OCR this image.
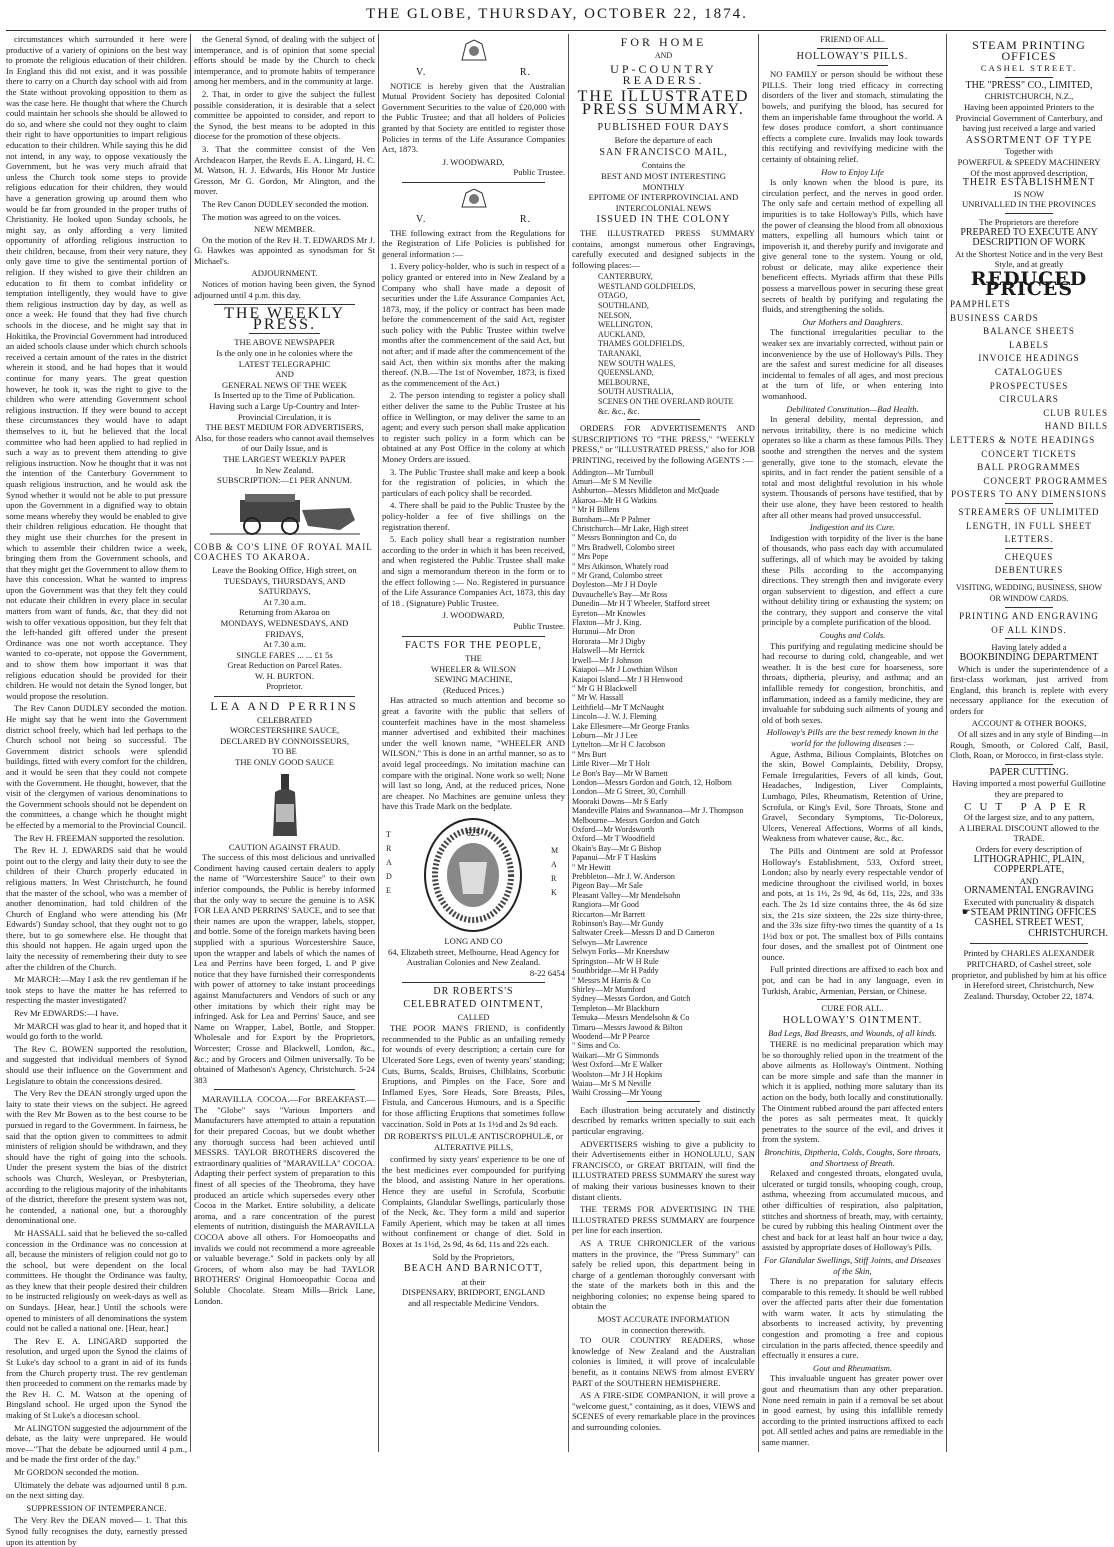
THE GLOBE, THURSDAY, OCTOBER 22, 1874.

circumstances which surrounded it here were productive of a variety of opinions on the best way to promote the religious education of their children. In England this did not exist, and it was possible there to carry on a Church day school with aid from the State without provoking opposition to them as was the case here. He thought that where the Church could maintain her schools she should be allowed to do so, and where she could not they ought to claim their right to have opportunities to impart religious education to their children. While saying this he did not intend, in any way, to oppose vexatiously the Government, but he was very much afraid that unless the Church took some steps to provide religious education for their children, they would have a generation growing up around them who would be far from grounded in the proper truths of Christianity. He looked upon Sunday schools, he might say, as only affording a very limited opportunity of affording religious instruction to their children, because, from their very nature, they only gave time to give the sentimental portion of religion. If they wished to give their children an education to fit them to combat infidelity or temptation intelligently, they would have to give them religious instruction day by day, as well as once a week. He found that they had five church schools in the diocese, and he might say that in Hokitika, the Provincial Government had introduced an aided schools clause under which church schools received a certain amount of the rates in the district wherein it stood, and he had hopes that it would continue for many years. The great question however, he took it, was the right to give to the children who were attending Government school religious instruction. If they were bound to accept these circumstances they would have to adapt themselves to it, but he believed that the local committee who had been applied to had replied in such a way as to prevent them attending to give religious instruction. Now he thought that it was not the intention of the Canterbury Government to quash religious instruction, and he would ask the Synod whether it would not be able to put pressure upon the Government in a dignified way to obtain some means whereby they would be enabled to give their children religious education. He thought that they might use their churches for the present in which to assemble their children twice a week, bringing them from the Government schools, and that they might get the Government to allow them to have this concession. What he wanted to impress upon the Government was that they felt they could not educate their children in every place in secular matters from want of funds, &c, that they did not wish to offer vexatious opposition, but they felt that the left-handed gift offered under the present Ordinance was one not worth acceptance. They wanted to co-operate, not oppose the Government, and to show them how important it was that religious education should be provided for their children. He would not detain the Synod longer, but would propose the resolution.

The Rev Canon DUDLEY seconded the motion. He might say that he went into the Government district school freely, which had led perhaps to the Church school not being so successful. The Government district schools were splendid buildings, fitted with every comfort for the children, and it would be seen that they could not compete with the Government. He thought, however, that the visit of the clergymen of various denominations to the Government schools should not be dependent on the committees, a change which he thought might be effected by a memorial to the Provincial Council.

The Rev H. FREEMAN supported the resolution.

The Rev H. J. EDWARDS said that he would point out to the clergy and laity their duty to see the children of their Church properly educated in religious matters. In West Christchurch, he found that the master of the school, who was a member of another denomination, had told children of the Church of England who were attending his (Mr Edwards') Sunday school, that they ought not to go there, but to go somewhere else. He thought that this should not happen. He again urged upon the laity the necessity of remembering their duty to see after the children of the Church.

Mr MARCH:—May I ask the rev gentleman if he took steps to have the matter he has referred to respecting the master investigated?

Rev Mr EDWARDS:—I have.

Mr MARCH was glad to hear it, and hoped that it would go forth to the world.

The Rev C. BOWEN supported the resolution, and suggested that individual members of Synod should use their influence on the Government and Legislature to obtain the concessions desired.

The Very Rev the DEAN strongly urged upon the laity to state their views on the subject. He agreed with the Rev Mr Bowen as to the best course to be pursued in regard to the Government. In fairness, he said that the option given to committees to admit ministers of religion should be withdrawn, and they should have the right of going into the schools. Under the present system the bias of the district schools was Church, Wesleyan, or Presbyterian, according to the religious majority of the inhabitants of the district, therefore the present system was not, he contended, a national one, but a thoroughly denominational one.

Mr HASSALL said that he believed the so-called concession in the Ordinance was no concession at all, because the ministers of religion could not go to the school, but were dependent on the local committees. He thought the Ordinance was faulty, as they knew that their people desired their children to be instructed religiously on week-days as well as on Sundays. [Hear, hear.] Until the schools were opened to ministers of all denominations the system could not be called a national one. [Hear, hear.]

The Rev E. A. LINGARD supported the resolution, and urged upon the Synod the claims of St Luke's day school to a grant in aid of its funds from the Church property trust. The rev gentleman then proceeded to comment on the remarks made by the Rev H. C. M. Watson at the opening of Bingsland school. He urged upon the Synod the making of St Luke's a diocesan school.

Mr ALINGTON suggested the adjournment of the debate, as the laity were unprepared. He would move—"That the debate be adjourned until 4 p.m., and be made the first order of the day."

Mr GORDON seconded the motion.

Ultimately the debate was adjourned until 8 p.m. on the next sitting day.

SUPPRESSION OF INTEMPERANCE.

The Very Rev the DEAN moved— 1. That this Synod fully recognises the duty, earnestly pressed upon its attention by

the General Synod, of dealing with the subject of intemperance, and is of opinion that some special efforts should be made by the Church to check intemperance, and to promote habits of temperance among her members, and in the community at large.

2. That, in order to give the subject the fullest possible consideration, it is desirable that a select committee be appointed to consider, and report to the Synod, the best means to be adopted in this diocese for the promotion of these objects.

3. That the committee consist of the Ven Archdeacon Harper, the Revds E. A. Lingard, H. C. M. Watson, H. J. Edwards, His Honor Mr Justice Gresson, Mr G. Gordon, Mr Alington, and the mover.

The Rev Canon DUDLEY seconded the motion.

The motion was agreed to on the voices.

NEW MEMBER.

On the motion of the Rev H. T. EDWARDS Mr J. G. Hawkes was appointed as synodsman for St Michael's.

ADJOURNMENT.

Notices of motion having been given, the Synod adjourned until 4 p.m. this day.

THE WEEKLY PRESS.
THE ABOVE NEWSPAPER
Is the only one in he colonies where the
LATEST TELEGRAPHIC
AND
GENERAL NEWS OF THE WEEK
Is Inserted up to the Time of Publication.
Having such a Large Up-Country and Inter-Provincial Circulation, it is
THE BEST MEDIUM FOR ADVERTISERS,
Also, for those readers who cannot avail themselves of our Daily Issue, and is
THE LARGEST WEEKLY PAPER
In New Zealand.
SUBSCRIPTION:—£1 PER ANNUM.
COBB & CO'S LINE OF ROYAL MAIL COACHES TO AKAROA.
Leave the Booking Office, High street, on
TUESDAYS, THURSDAYS, AND
SATURDAYS,
At 7.30 a.m.
Returning from Akaroa on
MONDAYS, WEDNESDAYS, AND
FRIDAYS,
At 7.30 a.m.
SINGLE FARES ... ... £1 5s
Great Reduction on Parcel Rates.
W. H. BURTON.
Proprietor.
LEA AND PERRINS
CELEBRATED
WORCESTERSHIRE SAUCE,
DECLARED BY CONNOISSEURS,
TO BE
THE ONLY GOOD SAUCE
CAUTION AGAINST FRAUD.

The success of this most delicious and unrivalled Condiment having caused certain dealers to apply the name of "Worcestershire Sauce" to their own inferior compounds, the Public is hereby informed that the only way to secure the genuine is to ASK FOR LEA AND PERRINS' SAUCE, and to see that their names are upon the wrapper, labels, stopper, and bottle. Some of the foreign markets having been supplied with a spurious Worcestershire Sauce, upon the wrapper and labels of which the names of Lea and Perrins have been forged, L and P give notice that they have furnished their correspondents with power of attorney to take instant proceedings against Manufacturers and Vendors of such or any other imitations by which their right may be infringed. Ask for Lea and Perrins' Sauce, and see Name on Wrapper, Label, Bottle, and Stopper. Wholesale and for Export by the Proprietors, Worcester; Crosse and Blackwell, London, &c., &c.; and by Grocers and Oilmen universally. To be obtained of Matheson's Agency, Christchurch. 5-24 383

MARAVILLA COCOA.—For BREAKFAST.—The "Globe" says "Various Importers and Manufacturers have attempted to attain a reputation for their prepared Cocoas, but we doubt whether any thorough success had been achieved until MESSRS. TAYLOR BROTHERS discovered the extraordinary qualities of "MARAVILLA" COCOA. Adapting their perfect system of preparation to this finest of all species of the Theobroma, they have produced an article which supersedes every other Cocoa in the Market. Entire solubility, a delicate aroma, and a rare concentration of the purest elements of nutrition, distinguish the MARAVILLA COCOA above all others. For Homoeopaths and invalids we could not recommend a more agreeable or valuable beverage." Sold in packets only by all Grocers, of whom also may be had TAYLOR BROTHERS' Original Homoeopathic Cocoa and Soluble Chocolate. Steam Mills—Brick Lane, London.

V. R.

NOTICE is hereby given that the Australian Mutual Provident Society has deposited Colonial Government Securities to the value of £20,000 with the Public Trustee; and that all holders of Policies granted by that Society are entitled to register those Policies in terms of the Life Assurance Companies Act, 1873.

J. WOODWARD,
Public Trustee.
V. R.

THE following extract from the Regulations for the Registration of Life Policies is published for general information :—

1. Every policy-holder, who is such in respect of a policy granted or entered into in New Zealand by a Company who shall have made a deposit of securities under the Life Assurance Companies Act, 1873, may, if the policy or contract has been made before the commencement of the said Act, register such policy with the Public Trustee within twelve months after the commencement of the said Act, but not after; and if made after the commencement of the said Act, then within six months after the making thereof. (N.B.—The 1st of November, 1873, is fixed as the commencement of the Act.)

2. The person intending to register a policy shall either deliver the same to the Public Trustee at his office in Wellington, or may deliver the same to an agent; and every such person shall make application to register such policy in a form which can be obtained at any Post Office in the colony at which Money Orders are issued.

3. The Public Trustee shall make and keep a book for the registration of policies, in which the particulars of each policy shall be recorded.

4. There shall be paid to the Public Trustee by the policy-holder a fee of five shillings on the registration thereof.

5. Each policy shall bear a registration number according to the order in which it has been received, and when registered the Public Trustee shall make and sign a memorandum thereon in the form or to the effect following :— No. Registered in pursuance of the Life Assurance Companies Act, 1873, this day of 18 . (Signature) Public Trustee.

J. WOODWARD,
Public Trustee.
FACTS FOR THE PEOPLE,
THE
WHEELER & WILSON
SEWING MACHINE,
(Reduced Prices.)

Has attracted so much attention and become so great a favorite with the public that sellers of counterfeit machines have in the most shameless manner advertised and exhibited their machines under the well known name, "WHEELER AND WILSON." This is done in an artful manner, so as to avoid legal proceedings. No imitation machine can compare with the original. None work so well; None will last so long, And, at the reduced prices, None are cheaper. No Machines are genuine unless they have this Trade Mark on the bedplate.

TRADE
625
MARK
LONG AND CO
64, Elizabeth street, Melbourne, Head Agency for Australian Colonies and New Zealand.
8-22 6454
DR ROBERTS'S
CELEBRATED OINTMENT,
CALLED

THE POOR MAN'S FRIEND, is confidently recommended to the Public as an unfailing remedy for wounds of every description; a certain cure for Ulcerated Sore Legs, even of twenty years' standing; Cuts, Burns, Scalds, Bruises, Chilblains, Scorbutic Eruptions, and Pimples on the Face, Sore and Inflamed Eyes, Sore Heads, Sore Breasts, Piles, Fistula, and Cancerous Humours, and is a Specific for those afflicting Eruptions that sometimes follow vaccination. Sold in Pots at 1s 1½d and 2s 9d each.

DR ROBERTS'S PILULÆ ANTISCROPHULÆ, or ALTERATIVE PILLS,

confirmed by sixty years' experience to be one of the best medicines ever compounded for purifying the blood, and assisting Nature in her operations. Hence they are useful in Scrofula, Scorbutic Complaints, Glandular Swellings, particularly those of the Neck, &c. They form a mild and superior Family Aperient, which may be taken at all times without confinement or change of diet. Sold in Boxes at 1s 1½d, 2s 9d, 4s 6d, 11s and 22s each.

Sold by the Proprietors,
BEACH AND BARNICOTT,
at their
DISPENSARY, BRIDPORT, ENGLAND
and all respectable Medicine Vendors.
FOR HOME
AND
UP-COUNTRY READERS.
THE ILLUSTRATED
PRESS SUMMARY.
PUBLISHED FOUR DAYS
Before the departure of each
SAN FRANCISCO MAIL,
Contains the
BEST AND MOST INTERESTING
MONTHLY
EPITOME OF INTERPROVINCIAL AND
INTERCOLONIAL NEWS
ISSUED IN THE COLONY

THE ILLUSTRATED PRESS SUMMARY contains, amongst numerous other Engravings, carefully executed and designed subjects in the following places:—

CANTERBURY,
WESTLAND GOLDFIELDS,
OTAGO,
SOUTHLAND,
NELSON,
WELLINGTON,
AUCKLAND,
THAMES GOLDFIELDS,
TARANAKI,
NEW SOUTH WALES,
QUEENSLAND,
MELBOURNE,
SOUTH AUSTRALIA,
SCENES ON THE OVERLAND ROUTE
&c. &c., &c.

ORDERS FOR ADVERTISEMENTS AND SUBSCRIPTIONS TO "THE PRESS," "WEEKLY PRESS," or "ILLUSTRATED PRESS," also for JOB PRINTING, received by the following AGENTS :—

Addington—Mr Turnbull
Amuri—Mr S M Neville
Ashburton—Messrs Middleton and McQuade
Akaroa—Mr H G Watkins
" Mr H Billens
Burnham—Mr P Palmer
Christchurch—Mr Lake, High street
" Messrs Bonnington and Co, do
" Mrs Bradwell, Colombo street
" Mrs Pope
" Mrs Atkinson, Whately road
" Mr Grand, Colombo street
Doyleston—Mr J H Doyle
Duvauchelle's Bay—Mr Ross
Dunedin—Mr H T Wheeler, Stafford street
Eyreton—Mr Knowles
Flaxton—Mr J. King.
Hurunui—Mr Dron
Hororata—Mr J Digby
Halswell—Mr Herrick
Irwell—Mr J Johnson
Kaiapoi—Mr J Lowthian Wilson
Kaiapoi Island—Mr J H Henwood
" Mr G H Blackwell
" Mr W. Hassall
Leithfield—Mr T McNaught
Lincoln—J. W. J. Fleming
Lake Ellesmere—Mr George Franks
Loburn—Mr J J Lee
Lyttelton—Mr H C Jacobson
" Mrs Burt
Little River—Mr T Holt
Le Bon's Bay—Mr W Barnett
London—Messrs Gordon and Gotch, 12, Holborn
London—Mr G Street, 30, Cornhill
Mooraki Downs—Mr S Early
Mandeville Plains and Swannanoa—Mr J. Thompson
Melbourne—Messrs Gordon and Gotch
Oxford—Mr Wordsworth
Oxford—Mr T Woodfield
Okain's Bay—Mr G Bishop
Papanui—Mr F T Haskins
" Mr Hewitt
Prebbleton—Mr J. W. Anderson
Pigeon Bay—Mr Sale
Pleasant Valley—Mr Mendelsohn
Rangiora—Mr Good
Riccarton—Mr Barrett
Robinson's Bay—Mr Gundy
Saltwater Creek—Messrs D and D Cameron
Selwyn—Mr Lawrence
Selwyn Forks—Mr Kneeshaw
Springston—Mr W H Rule
Southbridge—Mr H Paddy
" Messrs M Harris & Co
Shirley—Mr Mumford
Sydney—Messrs Gordon, and Gotch
Templeton—Mr Blackburn
Temuka—Messrs Mendelsohn & Co
Timaru—Messrs Jawood & Bilton
Woodend—Mr P Pearce
" Sims and Co.
Waikari—Mr G Simmonds
West Oxford—Mr E Walker
Woolston—Mr J H Hopkins
Waiau—Mr S M Neville
Waihi Crossing—Mr Young

Each illustration being accurately and distinctly described by remarks written specially to suit each particular engraving.

ADVERTISERS wishing to give a publicity to their Advertisements either in HONOLULU, SAN FRANCISCO, or GREAT BRITAIN, will find the ILLUSTRATED PRESS SUMMARY the surest way of making their various businesses known to their distant clients.

THE TERMS FOR ADVERTISING IN THE ILLUSTRATED PRESS SUMMARY are fourpence per line for each insertion.

AS A TRUE CHRONICLER of the various matters in the province, the "Press Summary" can safely be relied upon, this department being in charge of a gentleman thoroughly conversant with the state of the markets both in this and the neighboring colonies; no expense being spared to obtain the

MOST ACCURATE INFORMATION
in connection therewith.

TO OUR COUNTRY READERS, whose knowledge of New Zealand and the Australian colonies is limited, it will prove of incalculable benefit, as it contains NEWS from almost EVERY PART of the SOUTHERN HEMISPHERE.

AS A FIRE-SIDE COMPANION, it will prove a "welcome guest," containing, as it does, VIEWS and SCENES of every remarkable place in the provinces and surrounding colonies.

FRIEND OF ALL.
HOLLOWAY'S PILLS.

NO FAMILY or person should be without these PILLS. Their long tried efficacy in correcting disorders of the liver and stomach, stimulating the bowels, and purifying the blood, has secured for them an imperishable fame throughout the world. A few doses produce comfort, a short continuance effects a complete cure. Invalids may look towards this rectifying and revivifying medicine with the certainty of obtaining relief.

How to Enjoy Life

Is only known when the blood is pure, its circulation perfect, and the nerves in good order. The only safe and certain method of expelling all impurities is to take Holloway's Pills, which have the power of cleansing the blood from all obnoxious matters, expelling all humours which taint or impoverish it, and thereby purify and invigorate and give general tone to the system. Young or old, robust or delicate, may alike experience their beneficent effects. Myriads affirm that these Pills possess a marvellous power in securing these great secrets of health by purifying and regulating the fluids, and strengthening the solids.

Our Mothers and Daughters.

The functional irregularities peculiar to the weaker sex are invariably corrected, without pain or inconvenience by the use of Holloway's Pills. They are the safest and surest medicine for all diseases incidental to females of all ages, and most precious at the turn of life, or when entering into womanhood.

Debilitated Constitution—Bad Health.

In general debility, mental depression, and nervous irritability, there is no medicine which operates so like a charm as these famous Pills. They soothe and strengthen the nerves and the system generally, give tone to the stomach, elevate the spirits, and in fact render the patient sensible of a total and most delightful revolution in his whole system. Thousands of persons have testified, that by their use alone, they have been restored to health after all other means had proved unsuccessful.

Indigestion and its Cure.

Indigestion with torpidity of the liver is the bane of thousands, who pass each day with accumulated sufferings, all of which may be avoided by taking these Pills according to the accompanying directions. They strength then and invigorate every organ subservient to digestion, and effect a cure without debility tiring or exhausting the system; on the contrary, they support and conserve the vital principle by a complete purification of the blood.

Coughs and Colds.

This purifying and regulating medicine should be had recourse to during cold, changeable, and wet weather. It is the best cure for hoarseness, sore throats, diptheria, pleurisy, and asthma; and an infallible remedy for congestion, bronchitis, and inflammation, indeed as a family medicine, they are invaluable for subduing such ailments of young and old of both sexes.

Holloway's Pills are the best remedy known in the world for the following diseases :—

Ague, Asthma, Bilious Complaints, Blotches on the skin, Bowel Complaints, Debility, Dropsy, Female Irregularities, Fevers of all kinds, Gout, Headaches, Indigestion, Liver Complaints, Lumbago, Piles, Rheumatism, Retention of Urine, Scrofula, or King's Evil, Sore Throats, Stone and Gravel, Secondary Symptoms, Tic-Doloreux, Ulcers, Venereal Affections, Worms of all kinds, Weakness from whatever cause, &c., &c.

The Pills and Ointment are sold at Professor Holloway's Establishment, 533, Oxford street, London; also by nearly every respectable vendor of medicine throughout the civilised world, in boxes and pots, at 1s 1½, 2s 9d, 4s 6d, 11s, 22s, and 33s each. The 2s 1d size contains three, the 4s 6d size six, the 21s size sixteen, the 22s size thirty-three, and the 33s size fifty-two times the quantity of a 1s 1½d box or pot. The smallest box of Pills contains four doses, and the smallest pot of Ointment one ounce.

Full printed directions are affixed to each box and pot, and can be had in any language, even in Turkish, Arabic, Armenian, Persian, or Chinese.

CURE FOR ALL.
HOLLOWAY'S OINTMENT.
Bad Legs, Bad Breasts, and Wounds, of all kinds.

THERE is no medicinal preparation which may be so thoroughly relied upon in the treatment of the above ailments as Holloway's Ointment. Nothing can be more simple and safe than the manner in which it is applied, nothing more salutary than its action on the body, both locally and constitutionally. The Ointment rubbed around the part affected enters the pores as salt permeates meat. It quickly penetrates to the source of the evil, and drives it from the system.

Bronchitis, Diptheria, Colds, Coughs, Sore throats, and Shortness of Breath.

Relaxed and congested throats, elongated uvula, ulcerated or turgid tonsils, whooping cough, croup, asthma, wheezing from accumulated mucous, and other difficulties of respiration, also palpitation, stitches and shortness of breath, may, with certainty, be cured by rubbing this healing Ointment over the chest and back for at least half an hour twice a day, assisted by appropriate doses of Holloway's Pills.

For Glandular Swellings, Stiff Joints, and Diseases of the Skin,

There is no preparation for salutary effects comparable to this remedy. It should be well rubbed over the affected parts after their due fomentation with warm water. It acts by stimulating the absorbents to increased activity, by preventing congestion and promoting a free and copious circulation in the parts affected, thence speedily and effectually it ensures a cure.

Gout and Rheumatism.

This invaluable unguent has greater power over gout and rheumatism than any other preparation. None need remain in pain if a removal be set about in good earnest, by using this infallible remedy according to the printed instructions affixed to each pot. All settled aches and pains are remediable in the same manner.

STEAM PRINTING OFFICES
CASHEL STREET.
THE "PRESS" CO., LIMITED,
CHRISTCHURCH, N.Z.,

Having been appointed Printers to the Provincial Government of Canterbury, and having just received a large and varied

ASSORTMENT OF TYPE
Together with
POWERFUL & SPEEDY MACHINERY
Of the most approved description,
THEIR ESTABLISHMENT
IS NOW
UNRIVALLED IN THE PROVINCES
The Proprietors are therefore
PREPARED TO EXECUTE ANY
DESCRIPTION OF WORK
At the Shortest Notice and in the very Best Style, and at greatly
REDUCED PRICES
PAMPHLETS
BUSINESS CARDS
BALANCE SHEETS
LABELS
INVOICE HEADINGS
CATALOGUES
PROSPECTUSES
CIRCULARS
CLUB RULES
HAND BILLS
LETTERS & NOTE HEADINGS
CONCERT TICKETS
BALL PROGRAMMES
CONCERT PROGRAMMES
POSTERS TO ANY DIMENSIONS
STREAMERS OF UNLIMITED
LENGTH, IN FULL SHEET
LETTERS.
CHEQUES
DEBENTURES
VISITING, WEDDING, BUSINESS, SHOW OR WINDOW CARDS.
PRINTING AND ENGRAVING
OF ALL KINDS.
Having lately added a
BOOKBINDING DEPARTMENT

Which is under the superintendence of a first-class workman, just arrived from England, this branch is replete with every necessary appliance for the execution of orders for

ACCOUNT & OTHER BOOKS,

Of all sizes and in any style of Binding—in Rough, Smooth, or Colored Calf, Basil, Cloth, Roan, or Morocco, in first-class style.

PAPER CUTTING.

Having imported a most powerful Guillotine they are prepared to

CUT PAPER
Of the largest size, and to any pattern,
A LIBERAL DISCOUNT allowed to the TRADE.
Orders for every description of
LITHOGRAPHIC, PLAIN,
COPPERPLATE,
AND
ORNAMENTAL ENGRAVING
Executed with punctuality & dispatch
☛STEAM PRINTING OFFICES
CASHEL STREET WEST,
CHRISTCHURCH.

Printed by CHARLES ALEXANDER PRITCHARD, of Cashel street, sole proprietor, and published by him at his office in Hereford street, Christchurch, New Zealand. Thursday, October 22, 1874.
